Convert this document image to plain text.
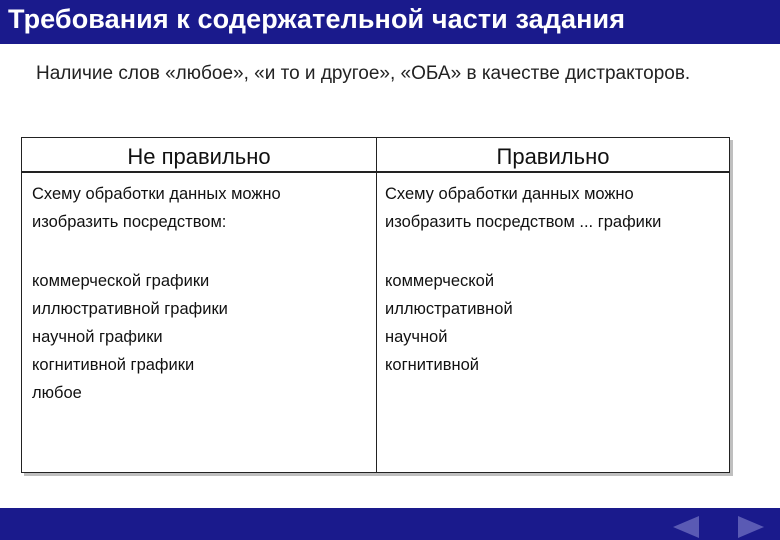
Требования к содержательной части задания
Наличие слов «любое», «и то и другое», «ОБА» в качестве дистракторов.
Не правильно	Правильно
Схему обработки данных можно
изобразить посредством:
Схему обработки данных можно
изобразить посредством ... графики
коммерческой графики
иллюстративной графики
научной графики
когнитивной графики
любое
коммерческой
иллюстративной
научной
когнитивной
